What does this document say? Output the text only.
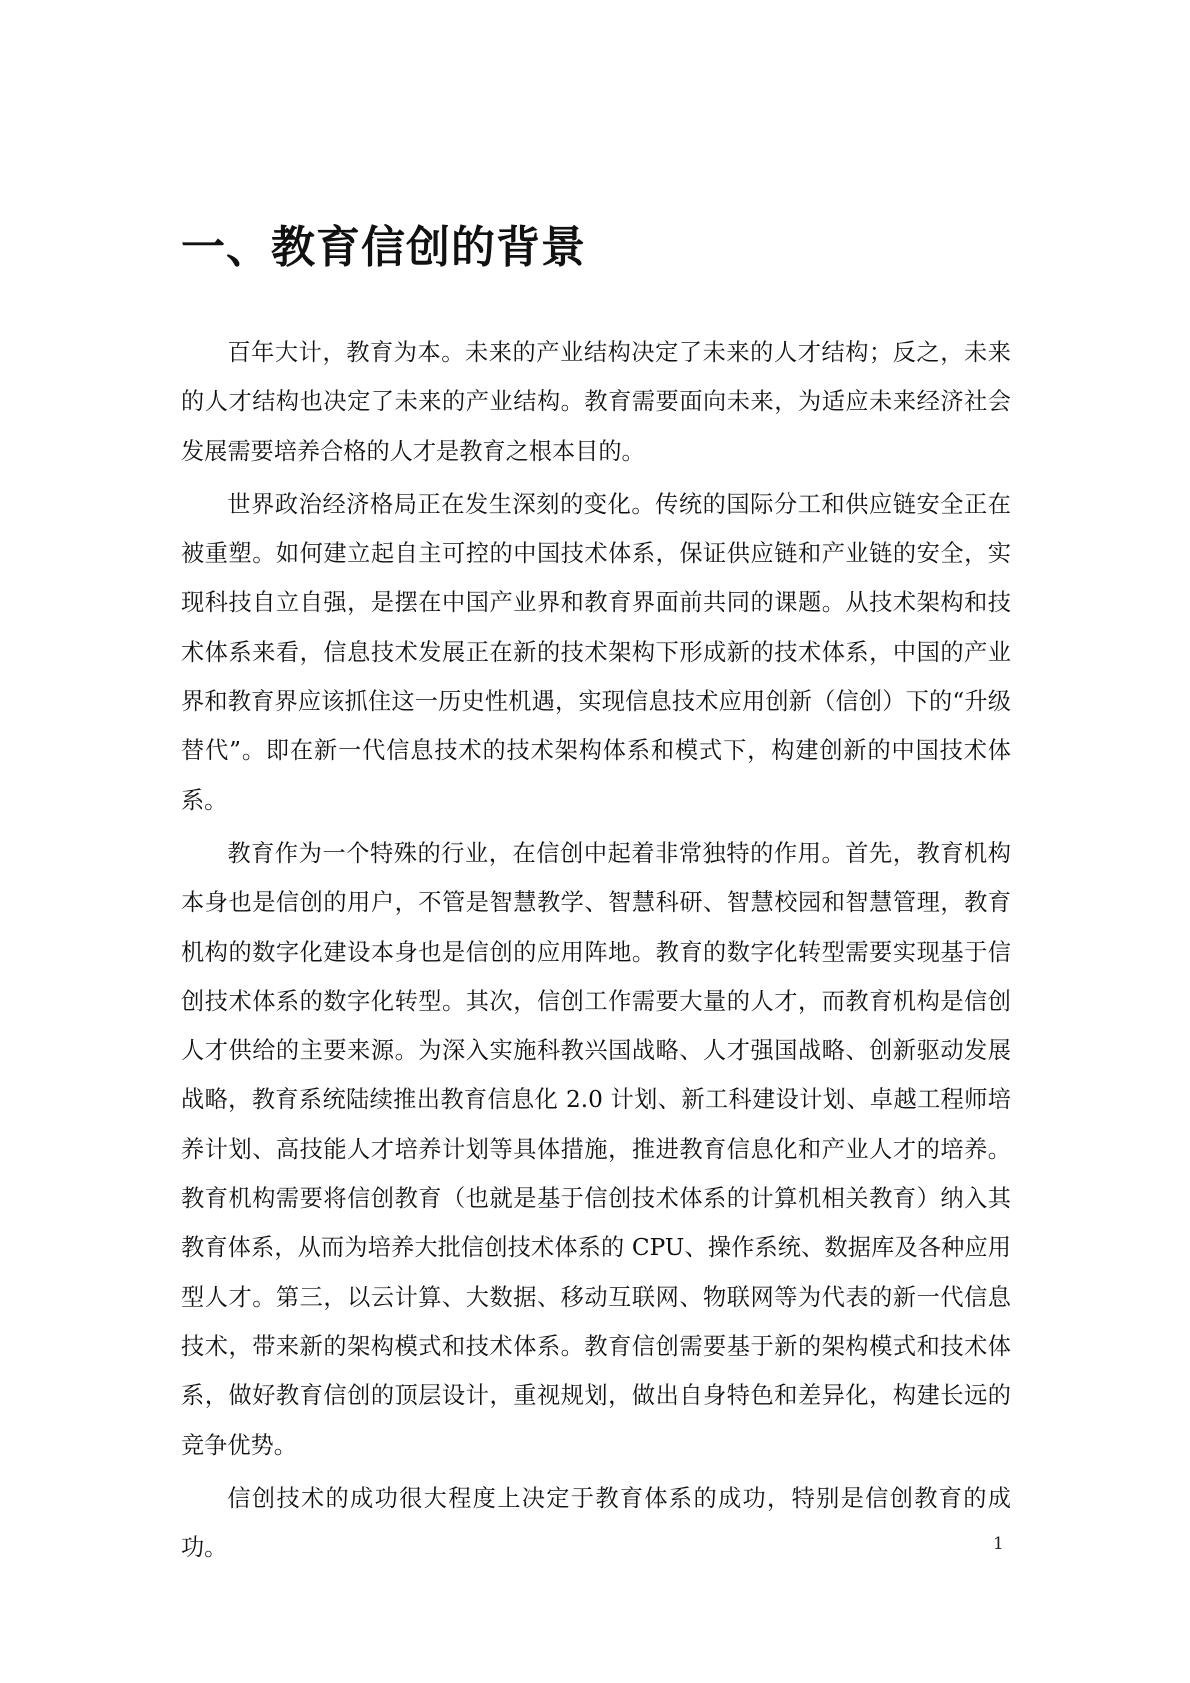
一、教育信创的背景

百年大计，教育为本。未来的产业结构决定了未来的人才结构；反之，未来的人才结构也决定了未来的产业结构。教育需要面向未来，为适应未来经济社会发展需要培养合格的人才是教育之根本目的。

世界政治经济格局正在发生深刻的变化。传统的国际分工和供应链安全正在被重塑。如何建立起自主可控的中国技术体系，保证供应链和产业链的安全，实现科技自立自强，是摆在中国产业界和教育界面前共同的课题。从技术架构和技术体系来看，信息技术发展正在新的技术架构下形成新的技术体系，中国的产业界和教育界应该抓住这一历史性机遇，实现信息技术应用创新（信创）下的“升级替代”。即在新一代信息技术的技术架构体系和模式下，构建创新的中国技术体系。

教育作为一个特殊的行业，在信创中起着非常独特的作用。首先，教育机构本身也是信创的用户，不管是智慧教学、智慧科研、智慧校园和智慧管理，教育机构的数字化建设本身也是信创的应用阵地。教育的数字化转型需要实现基于信创技术体系的数字化转型。其次，信创工作需要大量的人才，而教育机构是信创人才供给的主要来源。为深入实施科教兴国战略、人才强国战略、创新驱动发展战略，教育系统陆续推出教育信息化 2.0 计划、新工科建设计划、卓越工程师培养计划、高技能人才培养计划等具体措施，推进教育信息化和产业人才的培养。教育机构需要将信创教育（也就是基于信创技术体系的计算机相关教育）纳入其教育体系，从而为培养大批信创技术体系的 CPU、操作系统、数据库及各种应用型人才。第三，以云计算、大数据、移动互联网、物联网等为代表的新一代信息技术，带来新的架构模式和技术体系。教育信创需要基于新的架构模式和技术体系，做好教育信创的顶层设计，重视规划，做出自身特色和差异化，构建长远的竞争优势。

信创技术的成功很大程度上决定于教育体系的成功，特别是信创教育的成功。	1
